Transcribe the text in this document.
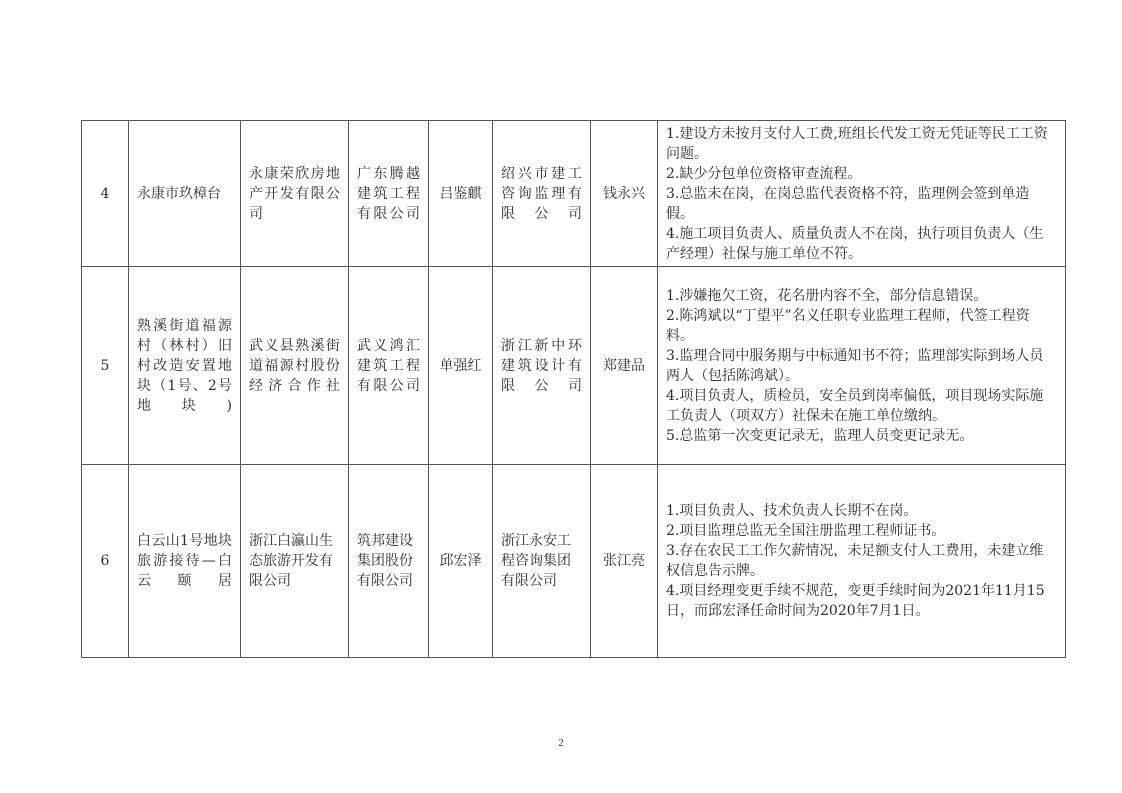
4	永康市玖樟台	永康荣欣房地产开发有限公司	广东腾越建筑工程有限公司	吕鉴麒	绍兴市建工咨询监理有限公司	钱永兴	1.建设方未按月支付人工费,班组长代发工资无凭证等民工工资问题。
2.缺少分包单位资格审查流程。
3.总监未在岗，在岗总监代表资格不符，监理例会签到单造假。
4.施工项目负责人、质量负责人不在岗，执行项目负责人（生产经理）社保与施工单位不符。

5	熟溪街道福源村（林村）旧村改造安置地块（1号、2号地块)	武义县熟溪街道福源村股份经济合作社	武义鸿汇建筑工程有限公司	单强红	浙江新中环建筑设计有限公司	郑建品	1.涉嫌拖欠工资，花名册内容不全，部分信息错误。
2.陈鸿斌以“丁望平”名义任职专业监理工程师，代签工程资料。
3.监理合同中服务期与中标通知书不符；监理部实际到场人员两人（包括陈鸿斌）。
4.项目负责人，质检员，安全员到岗率偏低，项目现场实际施工负责人（项双方）社保未在施工单位缴纳。
5.总监第一次变更记录无，监理人员变更记录无。

6	白云山1号地块旅游接待—白云颐居	浙江白瀛山生态旅游开发有限公司	筑邦建设集团股份有限公司	邱宏泽	浙江永安工程咨询集团有限公司	张江亮	1.项目负责人、技术负责人长期不在岗。
2.项目监理总监无全国注册监理工程师证书。
3.存在农民工工作欠薪情况，未足额支付人工费用，未建立维权信息告示牌。
4.项目经理变更手续不规范，变更手续时间为2021年11月15日，而邱宏泽任命时间为2020年7月1日。
2
